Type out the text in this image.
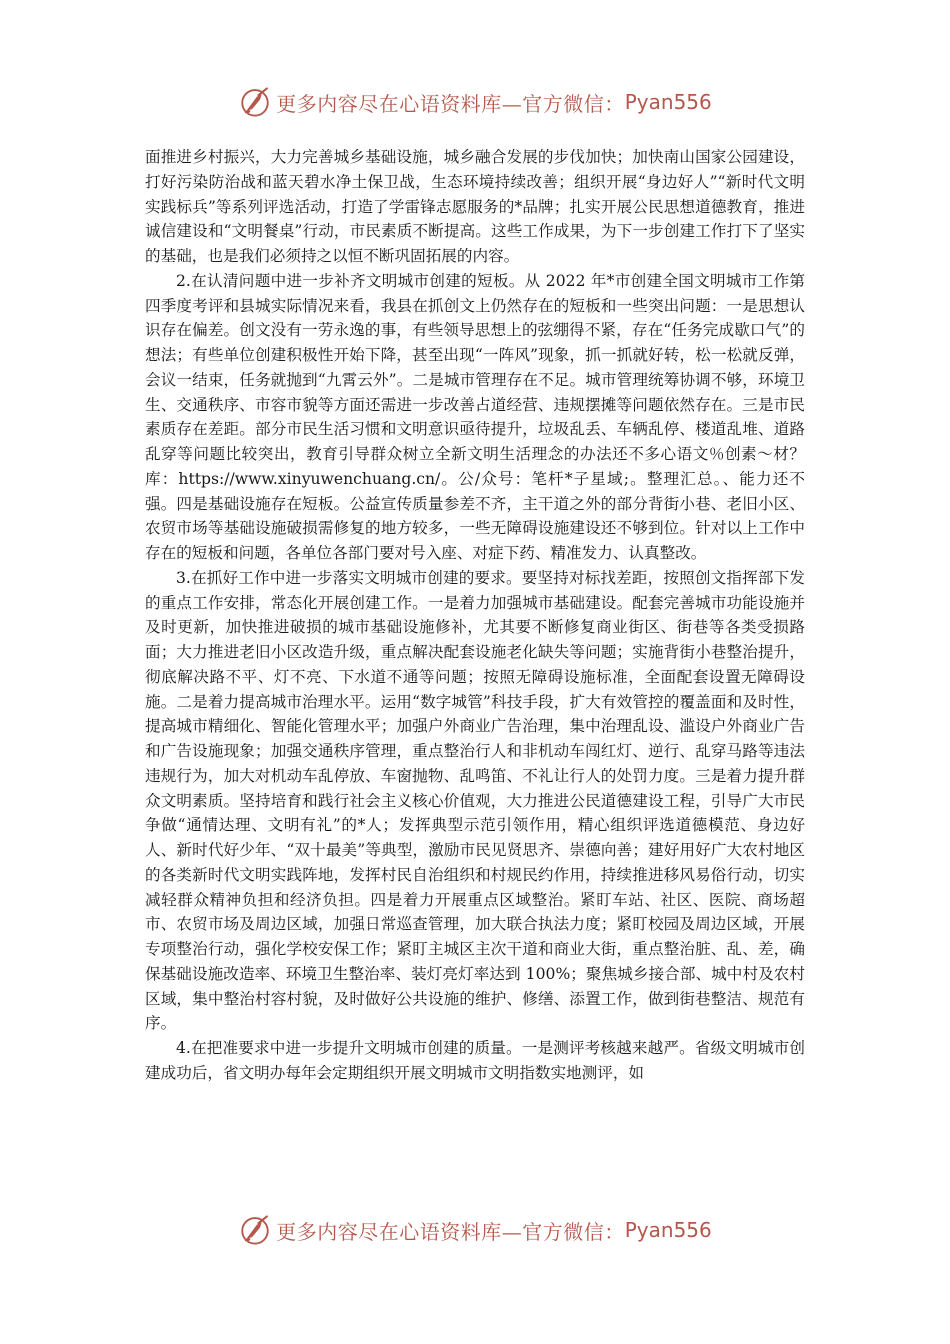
更多内容尽在心语资料库—官方微信： Pyan556

面推进乡村振兴，大力完善城乡基础设施，城乡融合发展的步伐加快；加快南山国家公园建设，打好污染防治战和蓝天碧水净土保卫战，生态环境持续改善；组织开展“身边好人”“新时代文明实践标兵”等系列评选活动，打造了学雷锋志愿服务的*品牌；扎实开展公民思想道德教育，推进诚信建设和“文明餐桌”行动，市民素质不断提高。这些工作成果，为下一步创建工作打下了坚实的基础，也是我们必须持之以恒不断巩固拓展的内容。

2.在认清问题中进一步补齐文明城市创建的短板。从 2022 年*市创建全国文明城市工作第四季度考评和县城实际情况来看，我县在抓创文上仍然存在的短板和一些突出问题：一是思想认识存在偏差。创文没有一劳永逸的事，有些领导思想上的弦绷得不紧，存在“任务完成歇口气”的想法；有些单位创建积极性开始下降，甚至出现“一阵风”现象，抓一抓就好转，松一松就反弹，会议一结束，任务就抛到“九霄云外”。二是城市管理存在不足。城市管理统筹协调不够，环境卫生、交通秩序、市容市貌等方面还需进一步改善占道经营、违规摆摊等问题依然存在。三是市民素质存在差距。部分市民生活习惯和文明意识亟待提升，垃圾乱丢、车辆乱停、楼道乱堆、道路乱穿等问题比较突出，教育引导群众树立全新文明生活理念的办法还不多心语文％创素～材？库：https://www.xinyuwenchuang.cn/。公/众号：笔杆*子星域;。整理汇总。、能力还不强。四是基础设施存在短板。公益宣传质量参差不齐，主干道之外的部分背街小巷、老旧小区、农贸市场等基础设施破损需修复的地方较多，一些无障碍设施建设还不够到位。针对以上工作中存在的短板和问题，各单位各部门要对号入座、对症下药、精准发力、认真整改。

3.在抓好工作中进一步落实文明城市创建的要求。要坚持对标找差距，按照创文指挥部下发的重点工作安排，常态化开展创建工作。一是着力加强城市基础建设。配套完善城市功能设施并及时更新，加快推进破损的城市基础设施修补，尤其要不断修复商业街区、街巷等各类受损路面；大力推进老旧小区改造升级，重点解决配套设施老化缺失等问题；实施背街小巷整治提升，彻底解决路不平、灯不亮、下水道不通等问题；按照无障碍设施标准，全面配套设置无障碍设施。二是着力提高城市治理水平。运用“数字城管”科技手段，扩大有效管控的覆盖面和及时性，提高城市精细化、智能化管理水平；加强户外商业广告治理，集中治理乱设、滥设户外商业广告和广告设施现象；加强交通秩序管理，重点整治行人和非机动车闯红灯、逆行、乱穿马路等违法违规行为，加大对机动车乱停放、车窗抛物、乱鸣笛、不礼让行人的处罚力度。三是着力提升群众文明素质。坚持培育和践行社会主义核心价值观，大力推进公民道德建设工程，引导广大市民争做“通情达理、文明有礼”的*人；发挥典型示范引领作用，精心组织评选道德模范、身边好人、新时代好少年、“双十最美”等典型，激励市民见贤思齐、崇德向善；建好用好广大农村地区的各类新时代文明实践阵地，发挥村民自治组织和村规民约作用，持续推进移风易俗行动，切实减轻群众精神负担和经济负担。四是着力开展重点区域整治。紧盯车站、社区、医院、商场超市、农贸市场及周边区域，加强日常巡查管理，加大联合执法力度；紧盯校园及周边区域，开展专项整治行动，强化学校安保工作；紧盯主城区主次干道和商业大街，重点整治脏、乱、差，确保基础设施改造率、环境卫生整治率、装灯亮灯率达到 100%；聚焦城乡接合部、城中村及农村区域，集中整治村容村貌，及时做好公共设施的维护、修缮、添置工作，做到街巷整洁、规范有序。

4.在把准要求中进一步提升文明城市创建的质量。一是测评考核越来越严。省级文明城市创建成功后，省文明办每年会定期组织开展文明城市文明指数实地测评，如

更多内容尽在心语资料库—官方微信： Pyan556
